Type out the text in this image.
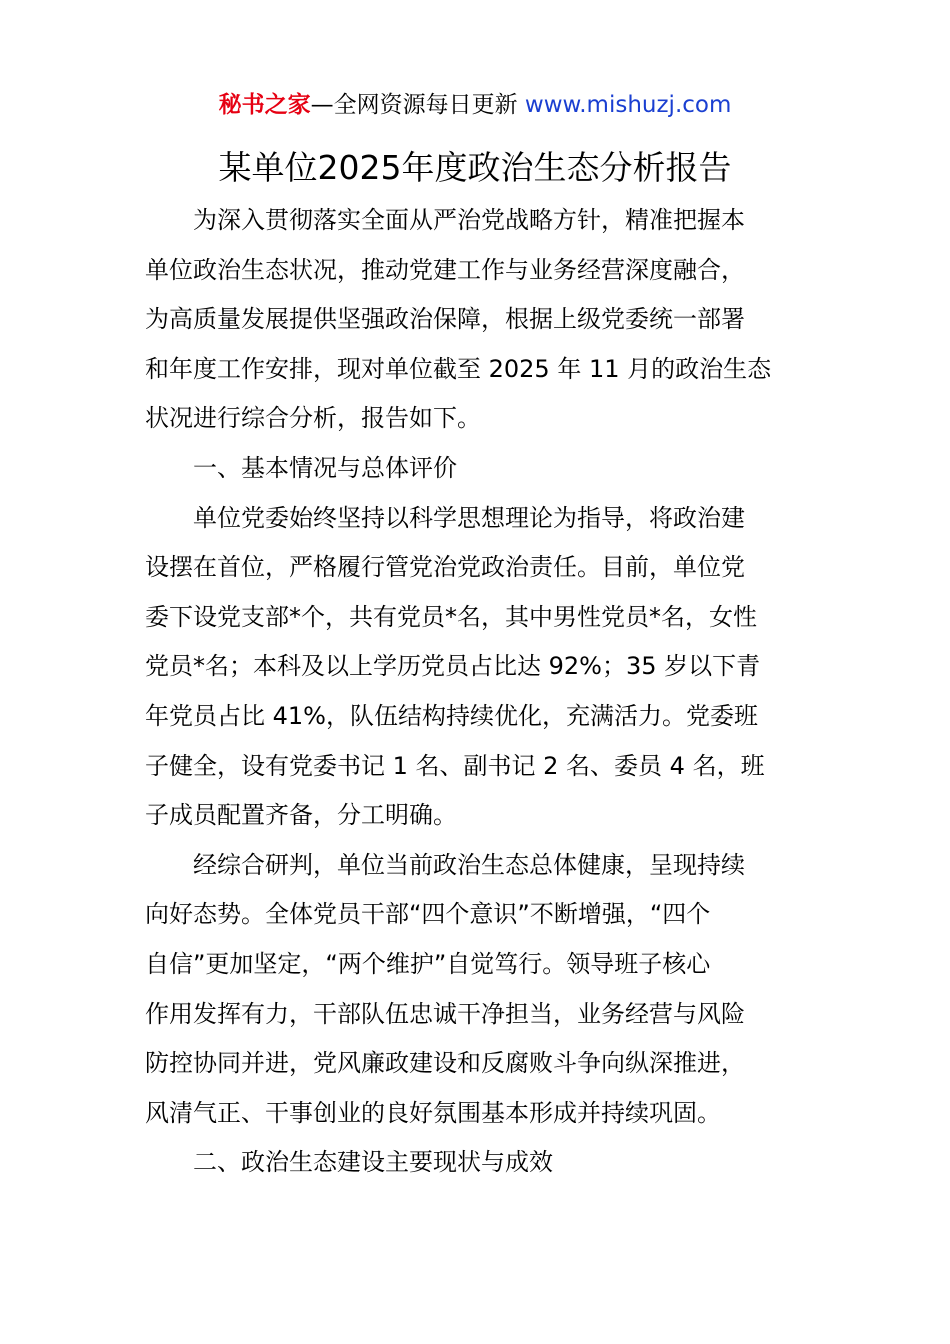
秘书之家—全网资源每日更新 www.mishuzj.com
某单位2025年度政治生态分析报告
为深入贯彻落实全面从严治党战略方针，精准把握本
单位政治生态状况，推动党建工作与业务经营深度融合，
为高质量发展提供坚强政治保障，根据上级党委统一部署
和年度工作安排，现对单位截至 2025 年 11 月的政治生态
状况进行综合分析，报告如下。
一、基本情况与总体评价
单位党委始终坚持以科学思想理论为指导，将政治建
设摆在首位，严格履行管党治党政治责任。目前，单位党
委下设党支部*个，共有党员*名，其中男性党员*名，女性
党员*名；本科及以上学历党员占比达 92%；35 岁以下青
年党员占比 41%，队伍结构持续优化，充满活力。党委班
子健全，设有党委书记 1 名、副书记 2 名、委员 4 名，班
子成员配置齐备，分工明确。
经综合研判，单位当前政治生态总体健康，呈现持续
向好态势。全体党员干部“四个意识”不断增强，“四个
自信”更加坚定，“两个维护”自觉笃行。领导班子核心
作用发挥有力，干部队伍忠诚干净担当，业务经营与风险
防控协同并进，党风廉政建设和反腐败斗争向纵深推进，
风清气正、干事创业的良好氛围基本形成并持续巩固。
二、政治生态建设主要现状与成效
